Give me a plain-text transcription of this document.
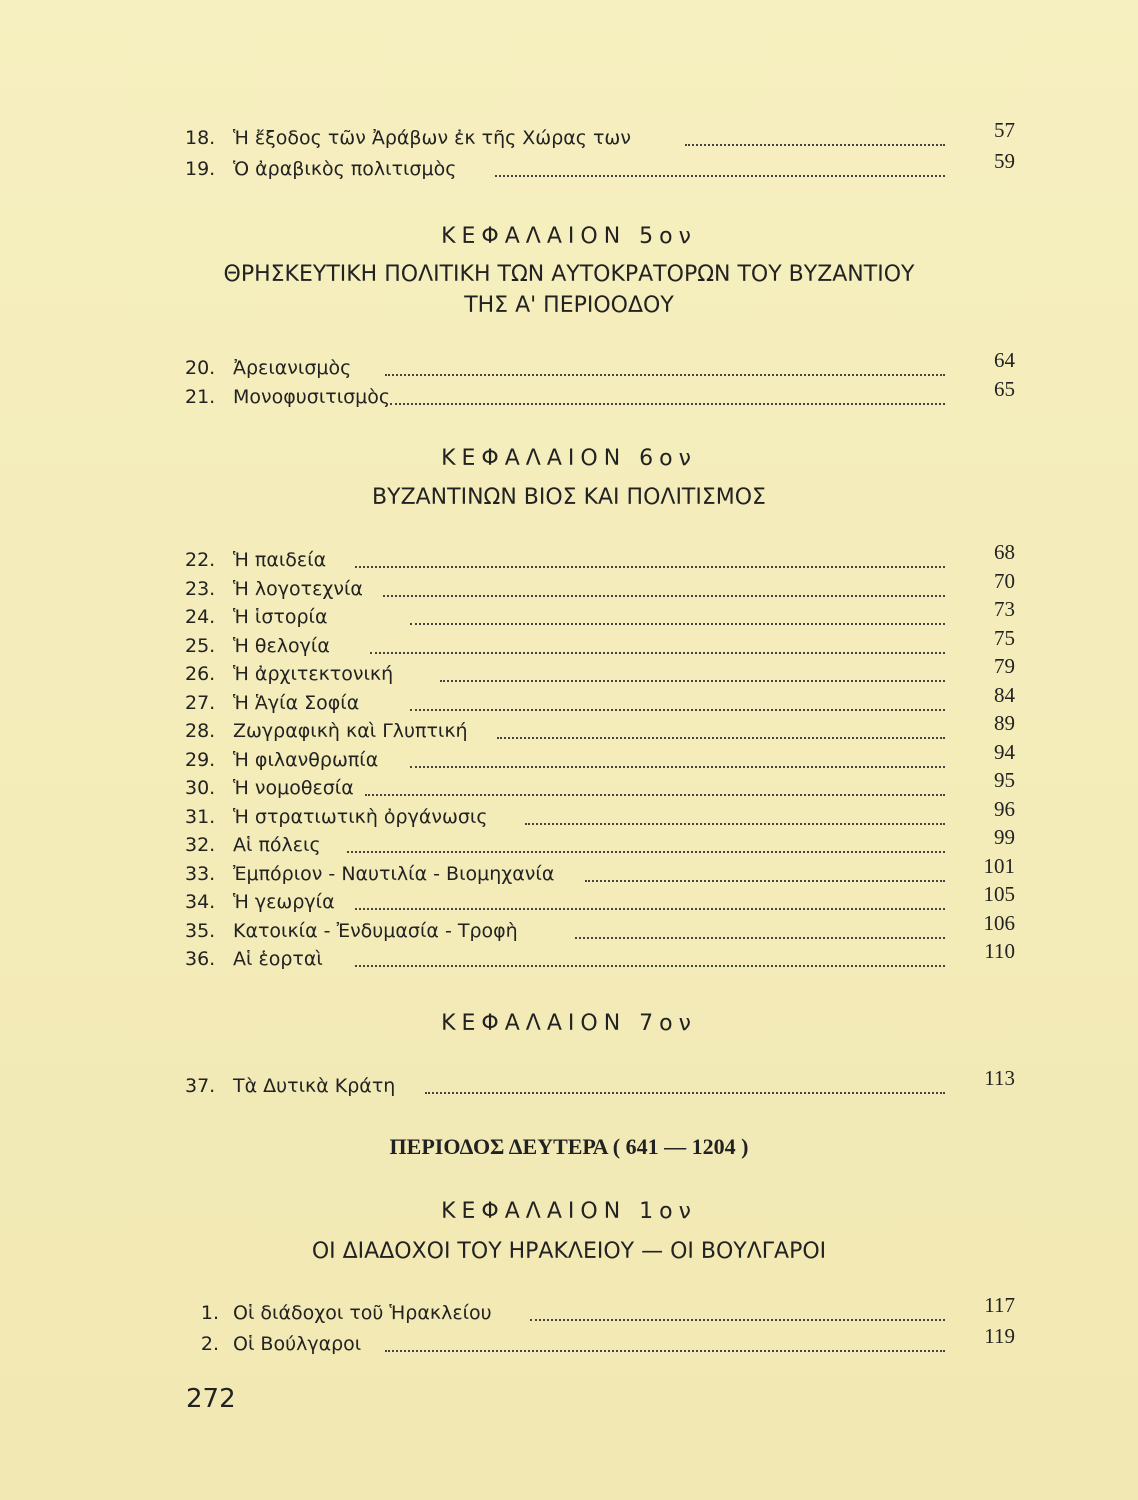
18. Ἡ ἔξοδος τῶν Ἀράβων ἐκ τῆς Χώρας των	57
19. Ὁ ἀραβικὸς πολιτισμὸς	59
ΚΕΦΑΛΑΙΟΝ 5ον
ΘΡΗΣΚΕΥΤΙΚΗ ΠΟΛΙΤΙΚΗ ΤΩΝ ΑΥΤΟΚΡΑΤΟΡΩΝ ΤΟΥ ΒΥΖΑΝΤΙΟΥ
ΤΗΣ Α' ΠΕΡΙΟΟΔΟΥ
20. Ἀρειανισμὸς	64
21. Μονοφυσιτισμὸς	65
ΚΕΦΑΛΑΙΟΝ 6ον
ΒΥΖΑΝΤΙΝΩΝ ΒΙΟΣ ΚΑΙ ΠΟΛΙΤΙΣΜΟΣ
22. Ἡ παιδεία	68
23. Ἡ λογοτεχνία	70
24. Ἡ ἱστορία	73
25. Ἡ θελογία	75
26. Ἡ ἀρχιτεκτονική	79
27. Ἡ Ἁγία Σοφία	84
28. Ζωγραφικὴ καὶ Γλυπτική	89
29. Ἡ φιλανθρωπία	94
30. Ἡ νομοθεσία	95
31. Ἡ στρατιωτικὴ ὀργάνωσις	96
32. Αἱ πόλεις	99
33. Ἐμπόριον - Ναυτιλία - Βιομηχανία	101
34. Ἡ γεωργία	105
35. Κατοικία - Ἐνδυμασία - Τροφὴ	106
36. Αἱ ἑορταὶ	110
ΚΕΦΑΛΑΙΟΝ 7ον
37. Τὰ Δυτικὰ Κράτη	113
ΠΕΡΙΟΔΟΣ ΔΕΥΤΕΡΑ ( 641 — 1204 )
ΚΕΦΑΛΑΙΟΝ 1ον
ΟΙ ΔΙΑΔΟΧΟΙ ΤΟΥ ΗΡΑΚΛΕΙΟΥ — ΟΙ ΒΟΥΛΓΑΡΟΙ
1. Οἱ διάδοχοι τοῦ Ἡρακλείου	117
2. Οἱ Βούλγαροι	119
272
